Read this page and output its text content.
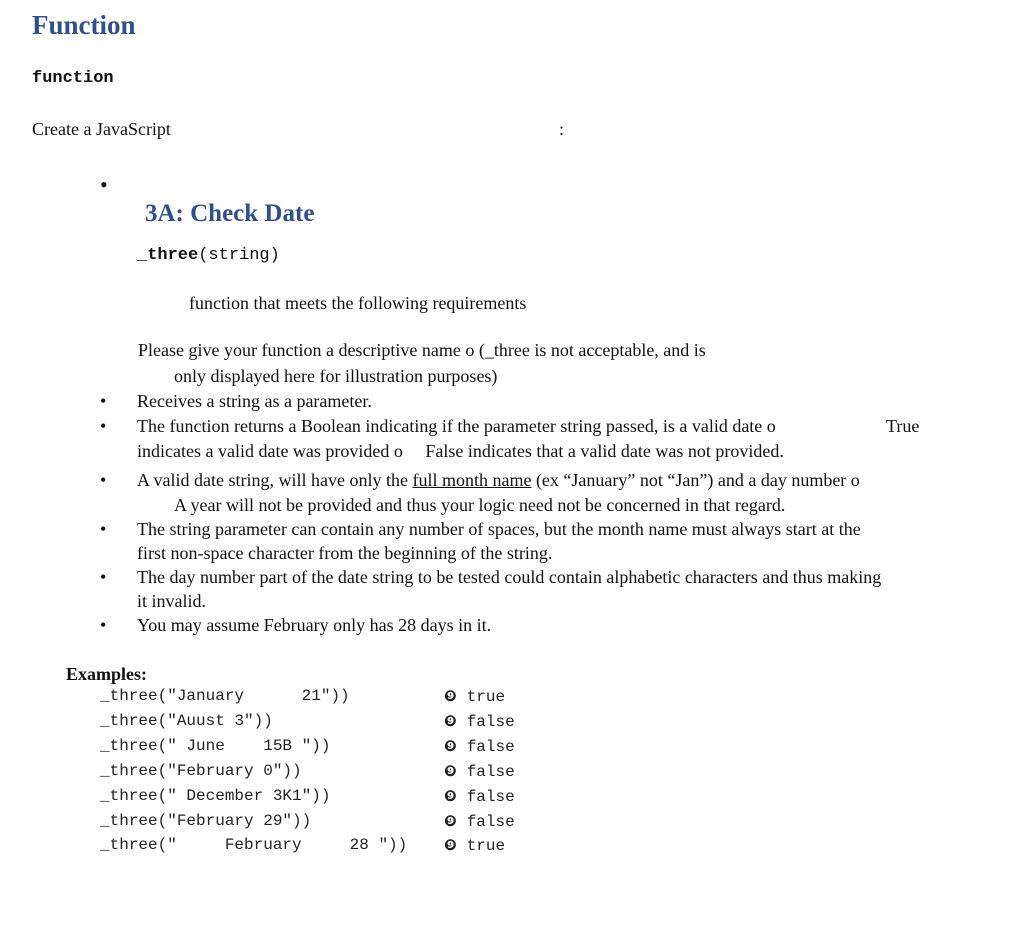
Function
function
Create a JavaScript	:
•
3A: Check Date
_three(string)
function that meets the following requirements
Please give your function a descriptive name o (_three is not acceptable, and is
only displayed here for illustration purposes)
• Receives a string as a parameter.
• The function returns a Boolean indicating if the parameter string passed, is a valid date o	True
indicates a valid date was provided o     False indicates that a valid date was not provided.
• A valid date string, will have only the full month name (ex “January” not “Jan”) and a day number o
A year will not be provided and thus your logic need not be concerned in that regard.
• The string parameter can contain any number of spaces, but the month name must always start at the
first non-space character from the beginning of the string.
• The day number part of the date string to be tested could contain alphabetic characters and thus making
it invalid.
• You may assume February only has 28 days in it.
Examples:
_three("January      21"))	❾ true
_three("Auust 3"))	❾ false
_three(" June    15B "))	❾ false
_three("February 0"))	❾ false
_three(" December 3K1"))	❾ false
_three("February 29"))	❾ false
_three("     February     28 ")) ❾ true
